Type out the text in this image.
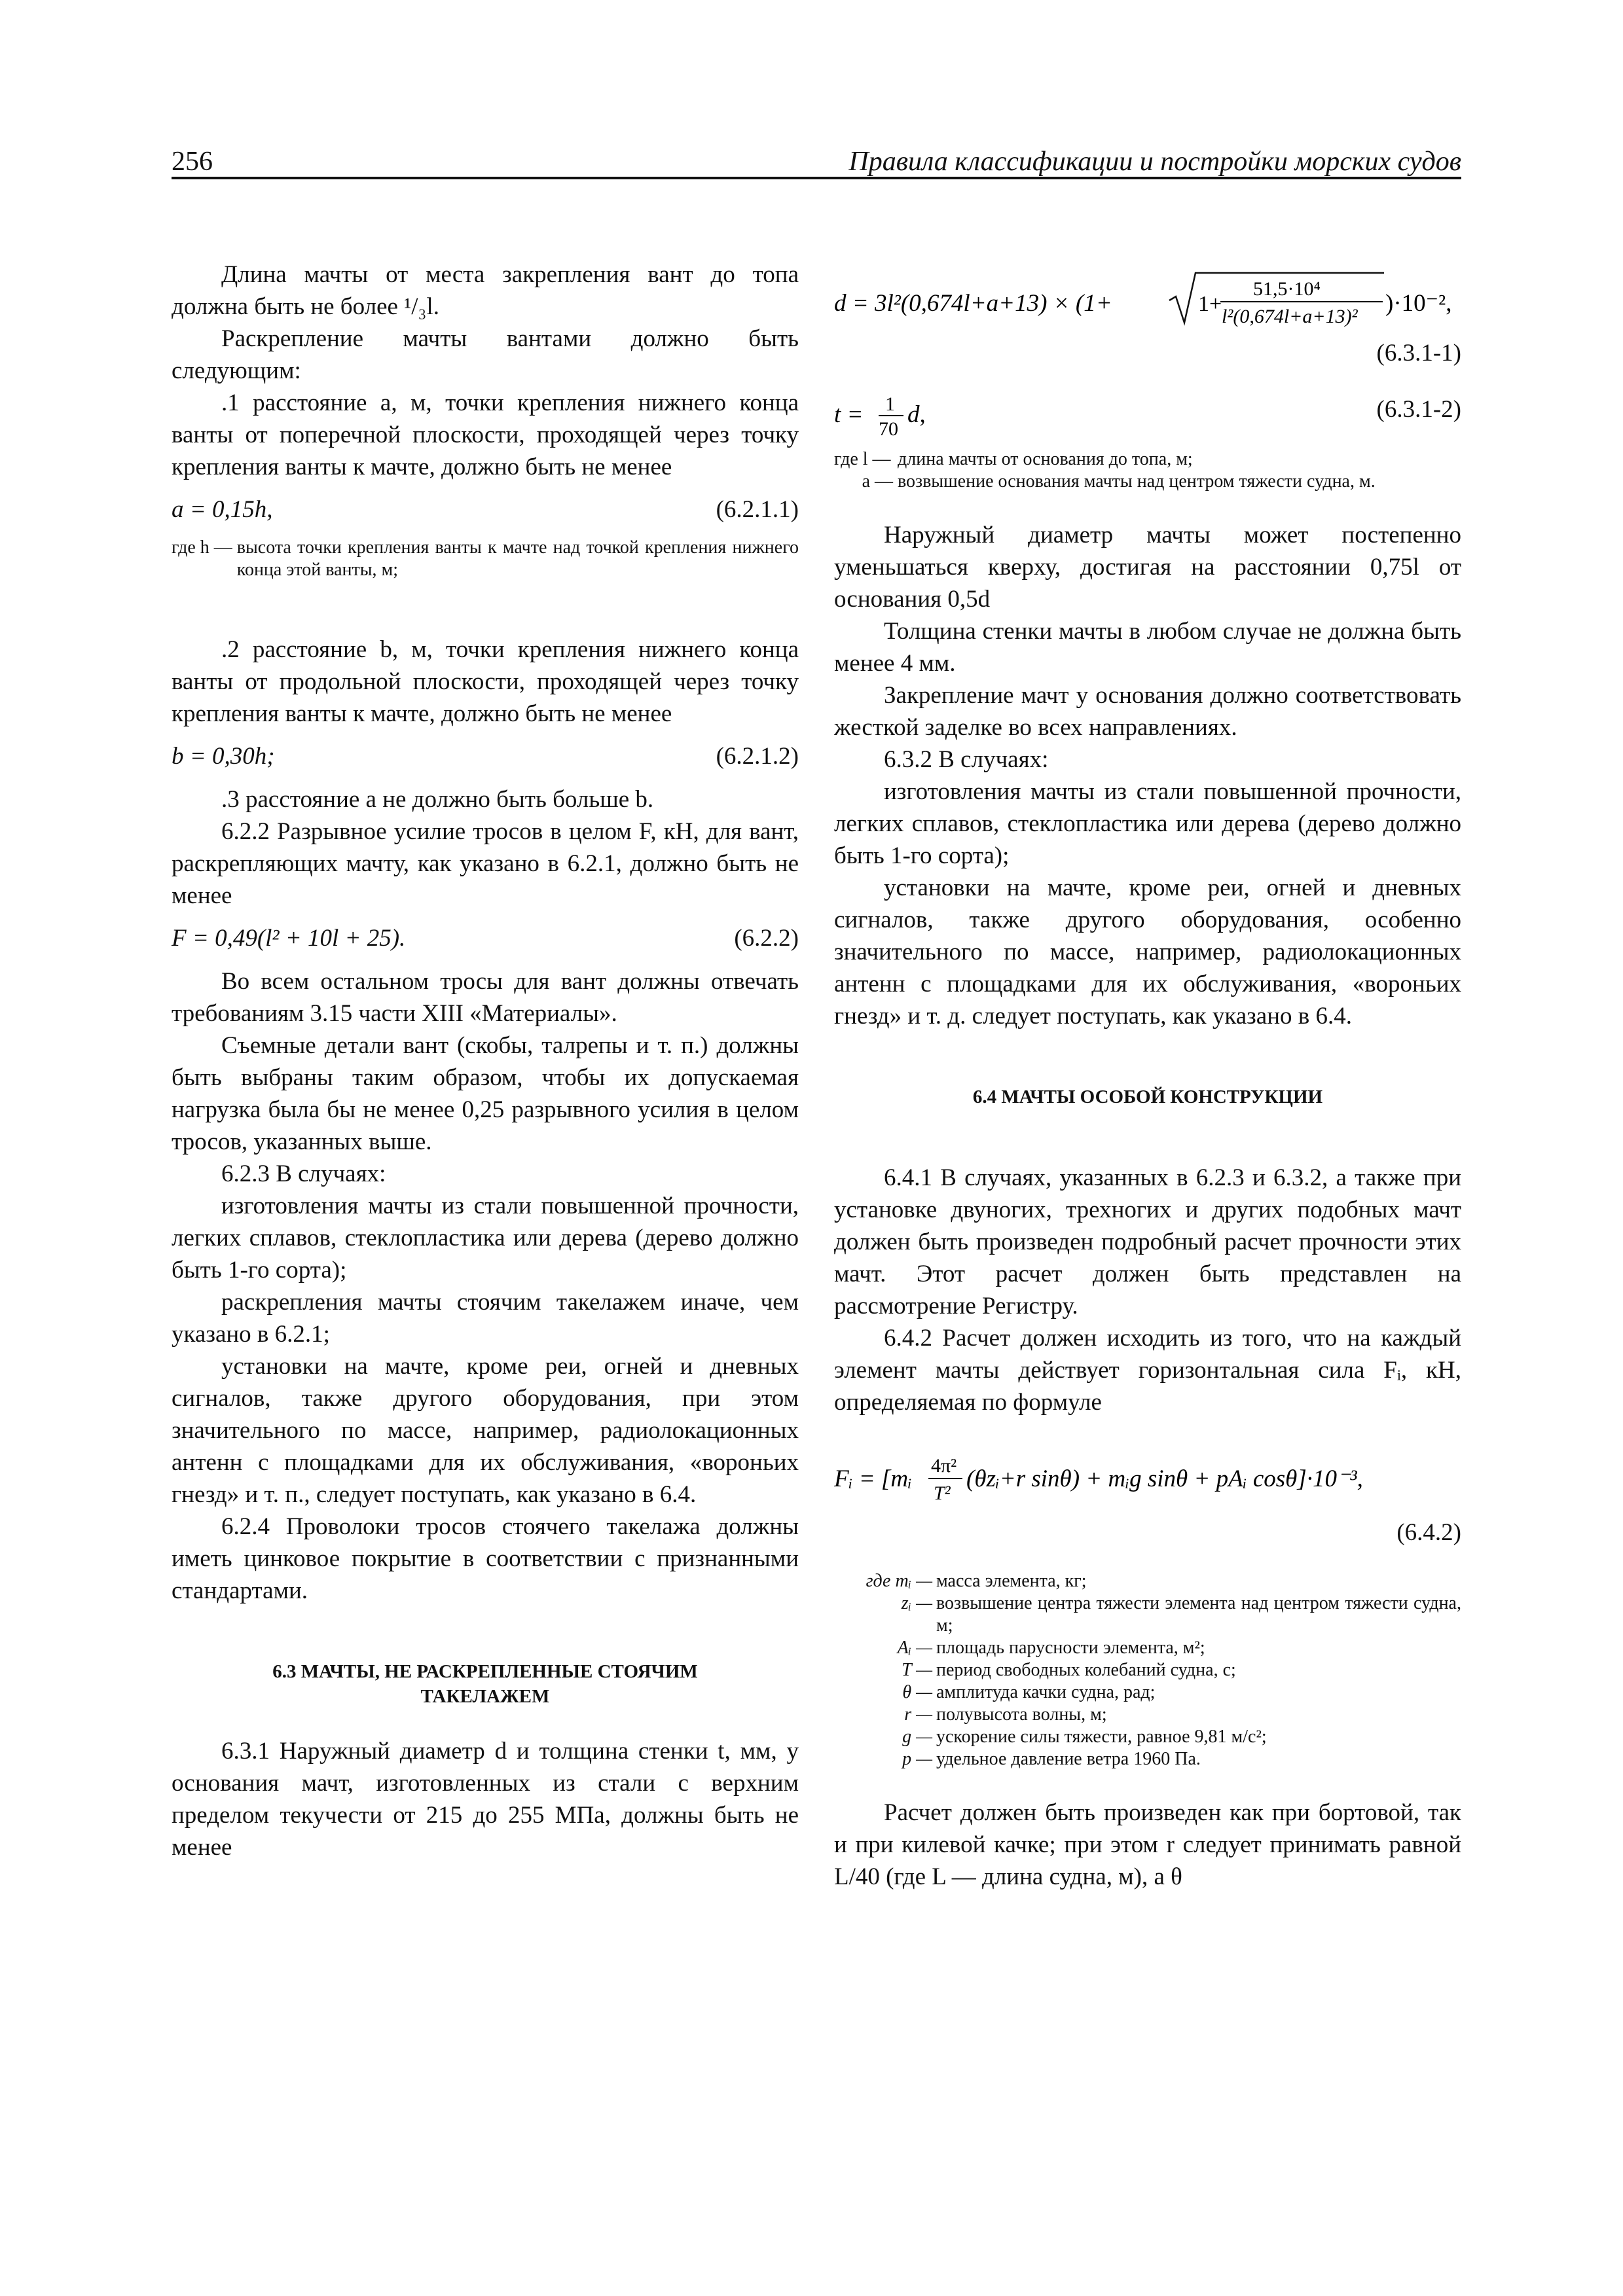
256	Правила классификации и постройки морских судов

Длина мачты от места закрепления вант до топа должна быть не более ¹/₃l.

Раскрепление мачты вантами должно быть следующим:

.1 расстояние a, м, точки крепления нижнего конца ванты от поперечной плоскости, проходящей через точку крепления ванты к мачте, должно быть не менее

a = 0,15h,	(6.2.1.1)
где h —
высота точки крепления ванты к мачте над точкой крепления нижнего конца этой ванты, м;

.2 расстояние b, м, точки крепления нижнего конца ванты от продольной плоскости, проходящей через точку крепления ванты к мачте, должно быть не менее

b = 0,30h;	(6.2.1.2)

.3 расстояние a не должно быть больше b.

6.2.2 Разрывное усилие тросов в целом F, кН, для вант, раскрепляющих мачту, как указано в 6.2.1, должно быть не менее

F = 0,49(l² + 10l + 25).	(6.2.2)

Во всем остальном тросы для вант должны отвечать требованиям 3.15 части XIII «Материалы».

Съемные детали вант (скобы, талрепы и т. п.) должны быть выбраны таким образом, чтобы их допускаемая нагрузка была бы не менее 0,25 разрывного усилия в целом тросов, указанных выше.

6.2.3 В случаях:

изготовления мачты из стали повышенной прочности, легких сплавов, стеклопластика или дерева (дерево должно быть 1-го сорта);

раскрепления мачты стоячим такелажем иначе, чем указано в 6.2.1;

установки на мачте, кроме реи, огней и дневных сигналов, также другого оборудования, при этом значительного по массе, например, радиолокационных антенн с площадками для их обслуживания, «вороньих гнезд» и т. п., следует поступать, как указано в 6.4.

6.2.4 Проволоки тросов стоячего такелажа должны иметь цинковое покрытие в соответствии с признанными стандартами.

6.3 МАЧТЫ, НЕ РАСКРЕПЛЕННЫЕ СТОЯЧИМ ТАКЕЛАЖЕМ

6.3.1 Наружный диаметр d и толщина стенки t, мм, у основания мачт, изготовленных из стали с верхним пределом текучести от 215 до 255 МПа, должны быть не менее

d = 3l²(0,674l+a+13) × (1+	1+
51,5·10⁴
l²(0,674l+a+13)² )·10⁻²,
(6.3.1-1)
t = 1
70
d,	(6.3.1-2)
где l —
длина мачты от основания до топа, м;
a —
возвышение основания мачты над центром тяжести судна, м.

Наружный диаметр мачты может постепенно уменьшаться кверху, достигая на расстоянии 0,75l от основания 0,5d

Толщина стенки мачты в любом случае не должна быть менее 4 мм.

Закрепление мачт у основания должно соответствовать жесткой заделке во всех направлениях.

6.3.2 В случаях:

изготовления мачты из стали повышенной прочности, легких сплавов, стеклопластика или дерева (дерево должно быть 1-го сорта);

установки на мачте, кроме реи, огней и дневных сигналов, также другого оборудования, особенно значительного по массе, например, радиолокационных антенн с площадками для их обслуживания, «вороньих гнезд» и т. д. следует поступать, как указано в 6.4.

6.4 МАЧТЫ ОСОБОЙ КОНСТРУКЦИИ

6.4.1 В случаях, указанных в 6.2.3 и 6.3.2, а также при установке двуногих, трехногих и других подобных мачт должен быть произведен подробный расчет прочности этих мачт. Этот расчет должен быть представлен на рассмотрение Регистру.

6.4.2 Расчет должен исходить из того, что на каждый элемент мачты действует горизонтальная сила Fᵢ, кН, определяемая по формуле

Fᵢ = [mᵢ 4π²
T²
(θzᵢ+r sinθ) + mᵢg sinθ + pAᵢ cosθ]·10⁻³,
(6.4.2)
где mᵢ — масса элемента, кг;
zᵢ — возвышение центра тяжести элемента над центром тяжести судна, м;
Aᵢ — площадь парусности элемента, м²;
T — период свободных колебаний судна, с;
θ — амплитуда качки судна, рад;
r — полувысота волны, м;
g — ускорение силы тяжести, равное 9,81 м/с²;
p — удельное давление ветра 1960 Па.

Расчет должен быть произведен как при бортовой, так и при килевой качке; при этом r следует принимать равной L/40 (где L — длина судна, м), а θ
